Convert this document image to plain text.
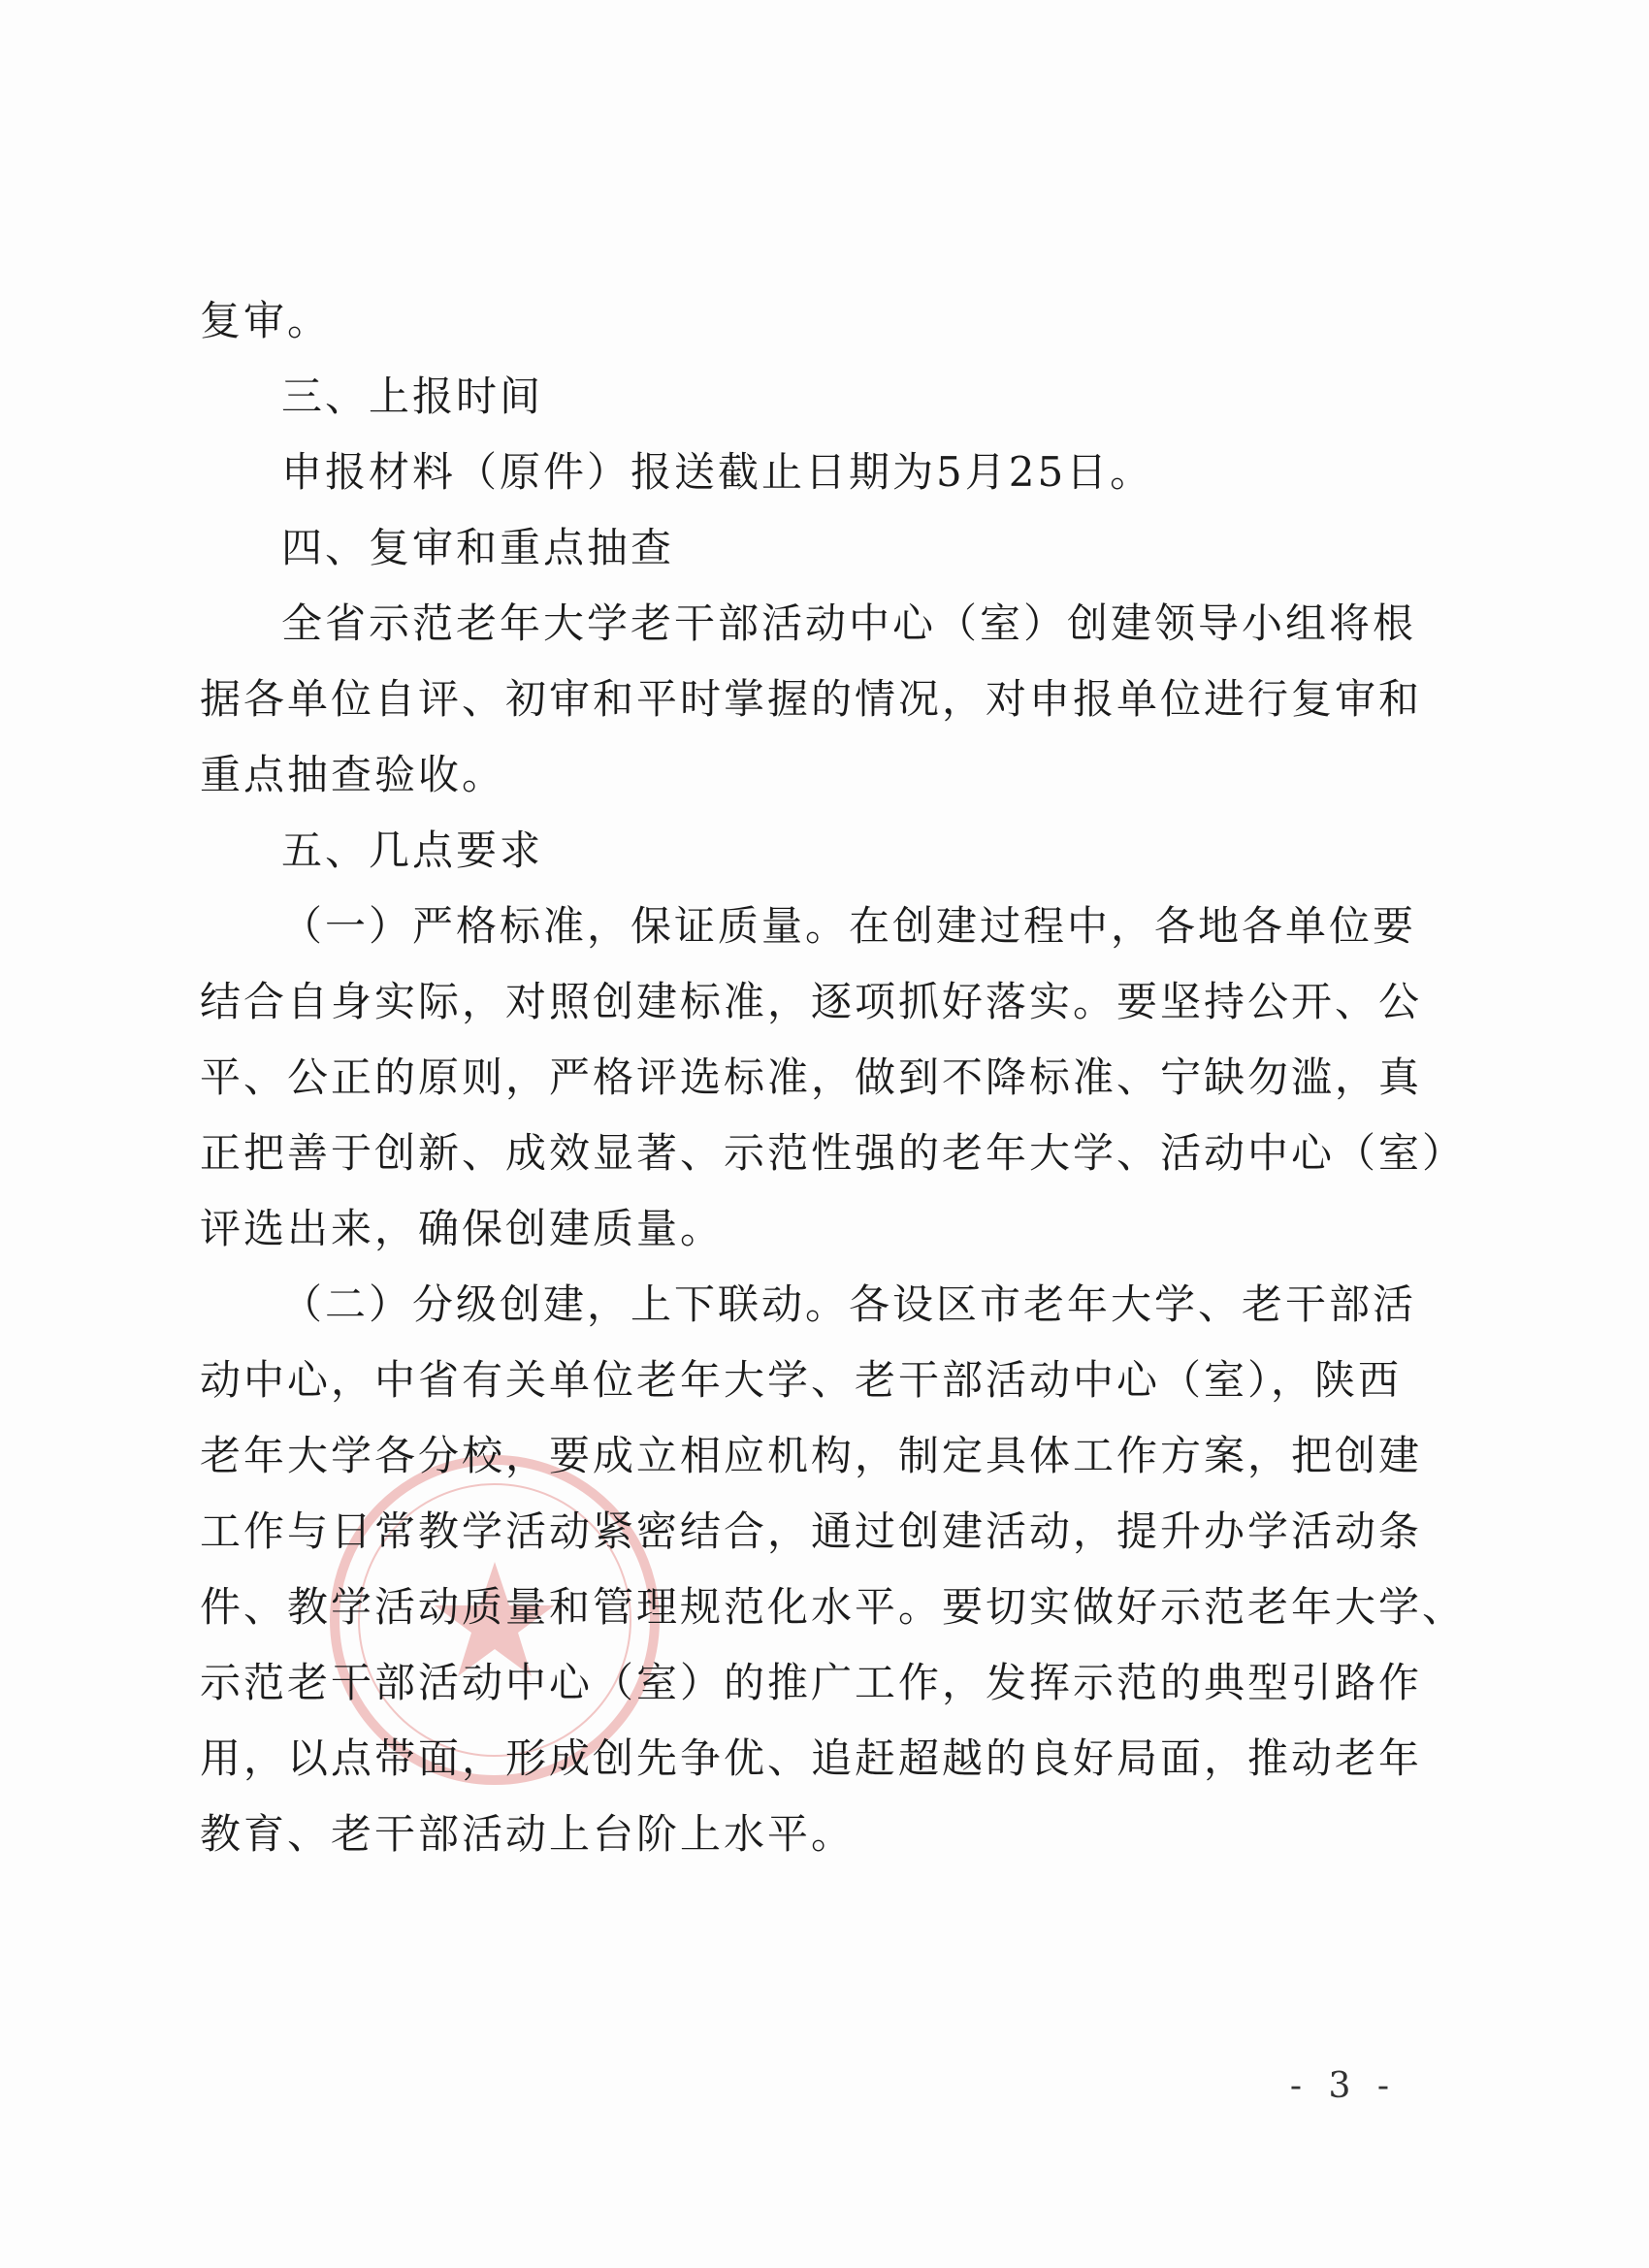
复审。
三、上报时间
申报材料（原件）报送截止日期为5月25日。
四、复审和重点抽查
全省示范老年大学老干部活动中心（室）创建领导小组将根
据各单位自评、初审和平时掌握的情况，对申报单位进行复审和
重点抽查验收。
五、几点要求
（一）严格标准，保证质量。在创建过程中，各地各单位要
结合自身实际，对照创建标准，逐项抓好落实。要坚持公开、公
平、公正的原则，严格评选标准，做到不降标准、宁缺勿滥，真
正把善于创新、成效显著、示范性强的老年大学、活动中心（室）
评选出来，确保创建质量。
（二）分级创建，上下联动。各设区市老年大学、老干部活
动中心，中省有关单位老年大学、老干部活动中心（室），陕西
老年大学各分校，要成立相应机构，制定具体工作方案，把创建
工作与日常教学活动紧密结合，通过创建活动，提升办学活动条
件、教学活动质量和管理规范化水平。要切实做好示范老年大学、
示范老干部活动中心（室）的推广工作，发挥示范的典型引路作
用，以点带面，形成创先争优、追赶超越的良好局面，推动老年
教育、老干部活动上台阶上水平。
- 3 -
